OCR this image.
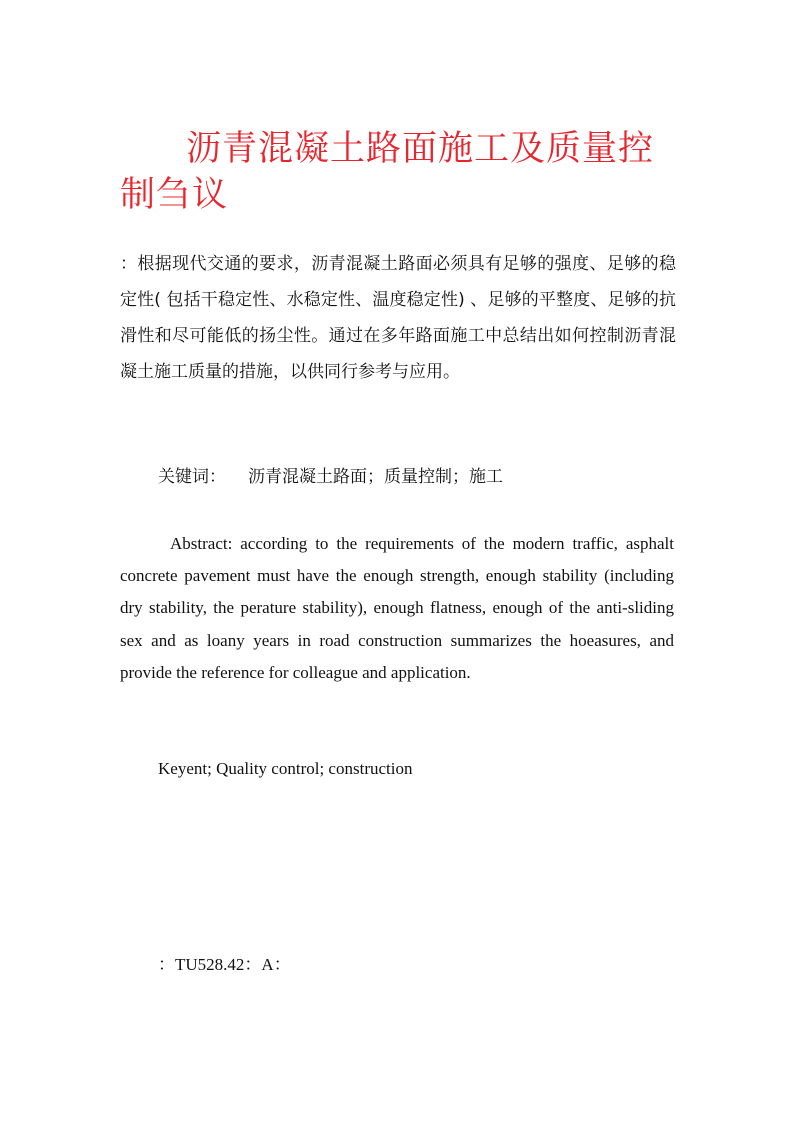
沥青混凝土路面施工及质量控制刍议

：根据现代交通的要求，沥青混凝土路面必须具有足够的强度、足够的稳定性( 包括干稳定性、水稳定性、温度稳定性) 、足够的平整度、足够的抗滑性和尽可能低的扬尘性。通过在多年路面施工中总结出如何控制沥青混凝土施工质量的措施，以供同行参考与应用。

关键词： 沥青混凝土路面；质量控制；施工

Abstract: according to the requirements of the modern traffic, asphalt concrete pavement must have the enough strength, enough stability (including dry stability, the perature stability), enough flatness, enough of the anti-sliding sex and as loany years in road construction summarizes the hoeasures, and provide the reference for colleague and application.

Keyent; Quality control; construction

：TU528.42：A：
